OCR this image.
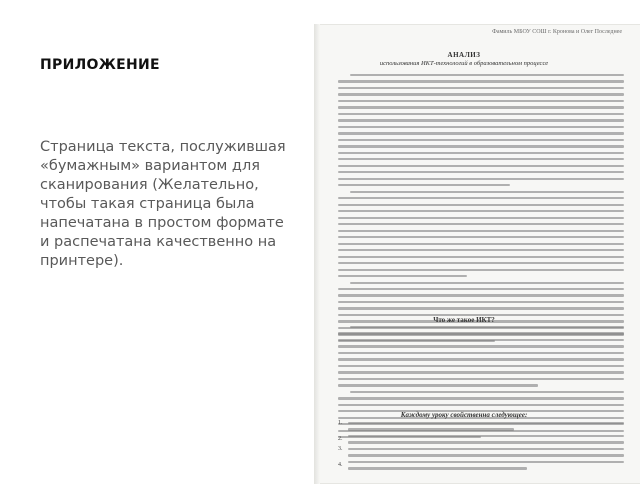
ПРИЛОЖЕНИЕ
Страница текста, послужившая «бумажным» вариантом для сканирования (Желательно, чтобы такая страница была напечатана в простом формате и распечатана качественно на принтере).
Фамиль МБОУ СОШ г. Кронова и Олег Последнее
АНАЛИЗ
использования ИКТ-технологий в образовательном процессе
Что же такое ИКТ?
Каждому уроку свойственна следующее:
1.
2.
3.
4.
